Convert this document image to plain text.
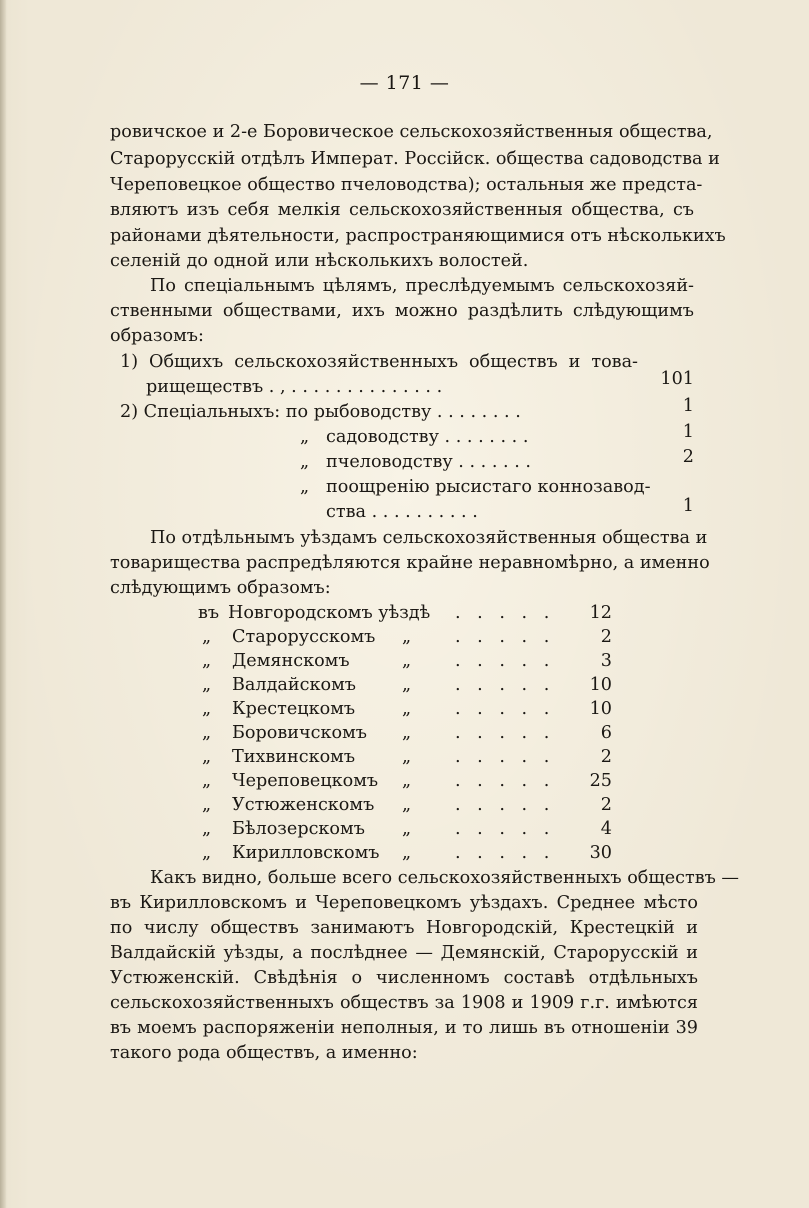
— 171 —
ровичское и 2-е Боровическое сельскохозяйственныя общества,
Старорусскій отдѣлъ Императ. Россійск. общества садоводства и
Череповецкое общество пчеловодства); остальныя же предста-
вляютъ изъ себя мелкія сельскохозяйственныя общества, съ
районами дѣятельности, распространяющимися отъ нѣсколькихъ
селеній до одной или нѣсколькихъ волостей.
По спеціальнымъ цѣлямъ, преслѣдуемымъ сельскохозяй-
ственными обществами, ихъ можно раздѣлить слѣдующимъ
образомъ:
1) Общихъ сельскохозяйственныхъ обществъ и това-
рищеществъ . , . . . . . . . . . . . . . .	101
2) Спеціальныхъ: по рыбоводству . . . . . . . .	1
„ садоводству . . . . . . . .	1
„ пчеловодству . . . . . . .	2
„ поощренію рысистаго коннозавод-
ства . . . . . . . . . .	1
По отдѣльнымъ уѣздамъ сельскохозяйственныя общества и
товарищества распредѣляются крайне неравномѣрно, а именно
слѣдующимъ образомъ:
въ Новгородскомъ уѣздѣ . . . . .	12
„ Старорусскомъ „ . . . . .	2
„ Демянскомъ	„ . . . . .	3
„ Валдайскомъ	„ . . . . .	10
„ Крестецкомъ	„ . . . . .	10
„ Боровичскомъ „ . . . . .	6
„ Тихвинскомъ	„ . . . . .	2
„ Череповецкомъ „ . . . . .	25
„ Устюженскомъ „ . . . . .	2
„ Бѣлозерскомъ „ . . . . .	4
„ Кирилловскомъ „ . . . . .	30
Какъ видно, больше всего сельскохозяйственныхъ обществъ —
въ Кирилловскомъ и Череповецкомъ уѣздахъ. Среднее мѣсто
по числу обществъ занимаютъ Новгородскій, Крестецкій и
Валдайскій уѣзды, а послѣднее — Демянскій, Старорусскій и
Устюженскій. Свѣдѣнія о численномъ составѣ отдѣльныхъ
сельскохозяйственныхъ обществъ за 1908 и 1909 г.г. имѣются
въ моемъ распоряженіи неполныя, и то лишь въ отношеніи 39
такого рода обществъ, а именно:
